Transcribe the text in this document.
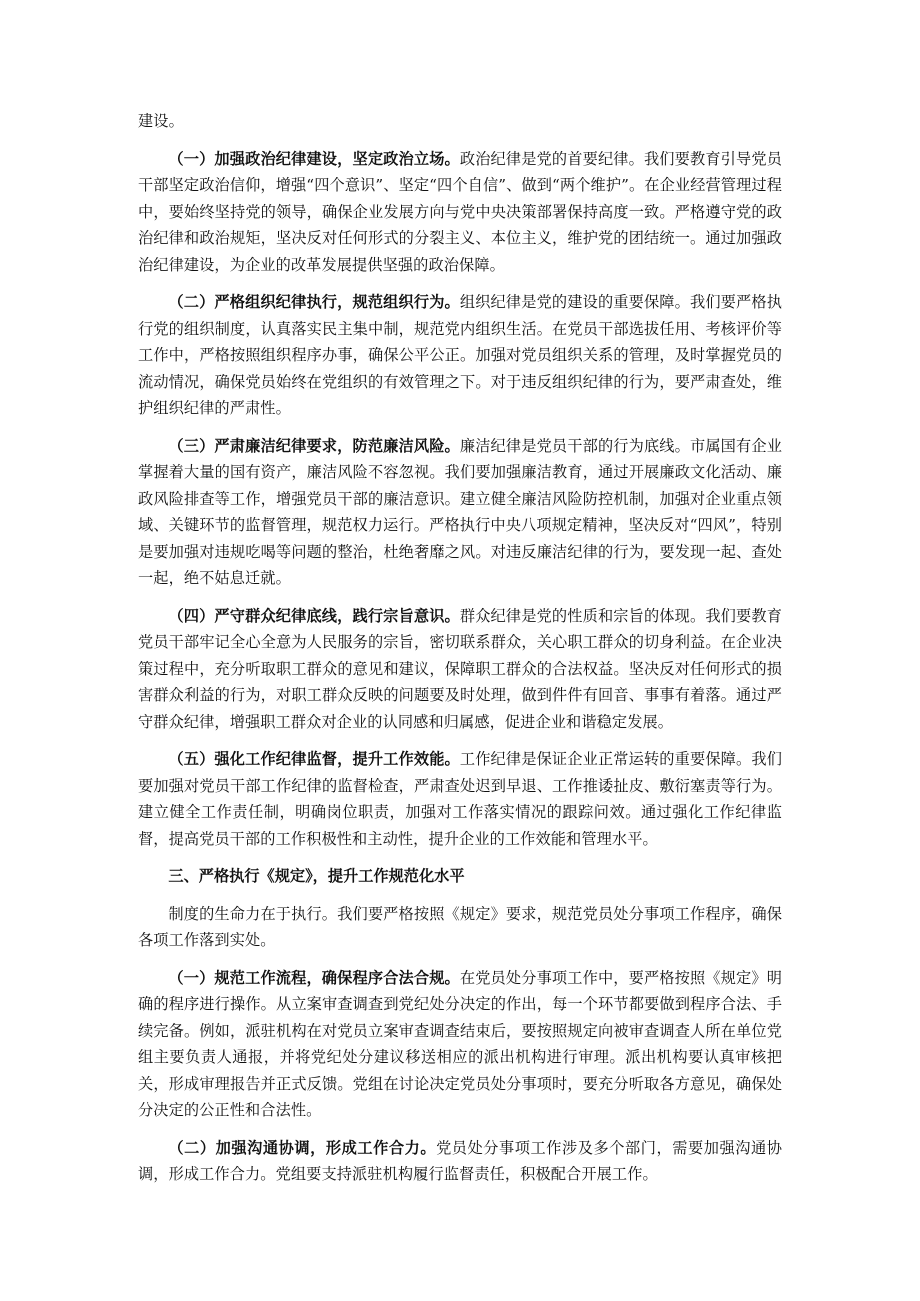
建设。

（一）加强政治纪律建设，坚定政治立场。政治纪律是党的首要纪律。我们要教育引导党员干部坚定政治信仰，增强“四个意识”、坚定“四个自信”、做到“两个维护”。在企业经营管理过程中，要始终坚持党的领导，确保企业发展方向与党中央决策部署保持高度一致。严格遵守党的政治纪律和政治规矩，坚决反对任何形式的分裂主义、本位主义，维护党的团结统一。通过加强政治纪律建设，为企业的改革发展提供坚强的政治保障。

（二）严格组织纪律执行，规范组织行为。组织纪律是党的建设的重要保障。我们要严格执行党的组织制度，认真落实民主集中制，规范党内组织生活。在党员干部选拔任用、考核评价等工作中，严格按照组织程序办事，确保公平公正。加强对党员组织关系的管理，及时掌握党员的流动情况，确保党员始终在党组织的有效管理之下。对于违反组织纪律的行为，要严肃查处，维护组织纪律的严肃性。

（三）严肃廉洁纪律要求，防范廉洁风险。廉洁纪律是党员干部的行为底线。市属国有企业掌握着大量的国有资产，廉洁风险不容忽视。我们要加强廉洁教育，通过开展廉政文化活动、廉政风险排查等工作，增强党员干部的廉洁意识。建立健全廉洁风险防控机制，加强对企业重点领域、关键环节的监督管理，规范权力运行。严格执行中央八项规定精神，坚决反对“四风”，特别是要加强对违规吃喝等问题的整治，杜绝奢靡之风。对违反廉洁纪律的行为，要发现一起、查处一起，绝不姑息迁就。

（四）严守群众纪律底线，践行宗旨意识。群众纪律是党的性质和宗旨的体现。我们要教育党员干部牢记全心全意为人民服务的宗旨，密切联系群众，关心职工群众的切身利益。在企业决策过程中，充分听取职工群众的意见和建议，保障职工群众的合法权益。坚决反对任何形式的损害群众利益的行为，对职工群众反映的问题要及时处理，做到件件有回音、事事有着落。通过严守群众纪律，增强职工群众对企业的认同感和归属感，促进企业和谐稳定发展。

（五）强化工作纪律监督，提升工作效能。工作纪律是保证企业正常运转的重要保障。我们要加强对党员干部工作纪律的监督检查，严肃查处迟到早退、工作推诿扯皮、敷衍塞责等行为。建立健全工作责任制，明确岗位职责，加强对工作落实情况的跟踪问效。通过强化工作纪律监督，提高党员干部的工作积极性和主动性，提升企业的工作效能和管理水平。

三、严格执行《规定》，提升工作规范化水平

制度的生命力在于执行。我们要严格按照《规定》要求，规范党员处分事项工作程序，确保各项工作落到实处。

（一）规范工作流程，确保程序合法合规。在党员处分事项工作中，要严格按照《规定》明确的程序进行操作。从立案审查调查到党纪处分决定的作出，每一个环节都要做到程序合法、手续完备。例如，派驻机构在对党员立案审查调查结束后，要按照规定向被审查调查人所在单位党组主要负责人通报，并将党纪处分建议移送相应的派出机构进行审理。派出机构要认真审核把关，形成审理报告并正式反馈。党组在讨论决定党员处分事项时，要充分听取各方意见，确保处分决定的公正性和合法性。

（二）加强沟通协调，形成工作合力。党员处分事项工作涉及多个部门，需要加强沟通协调，形成工作合力。党组要支持派驻机构履行监督责任，积极配合开展工作。
